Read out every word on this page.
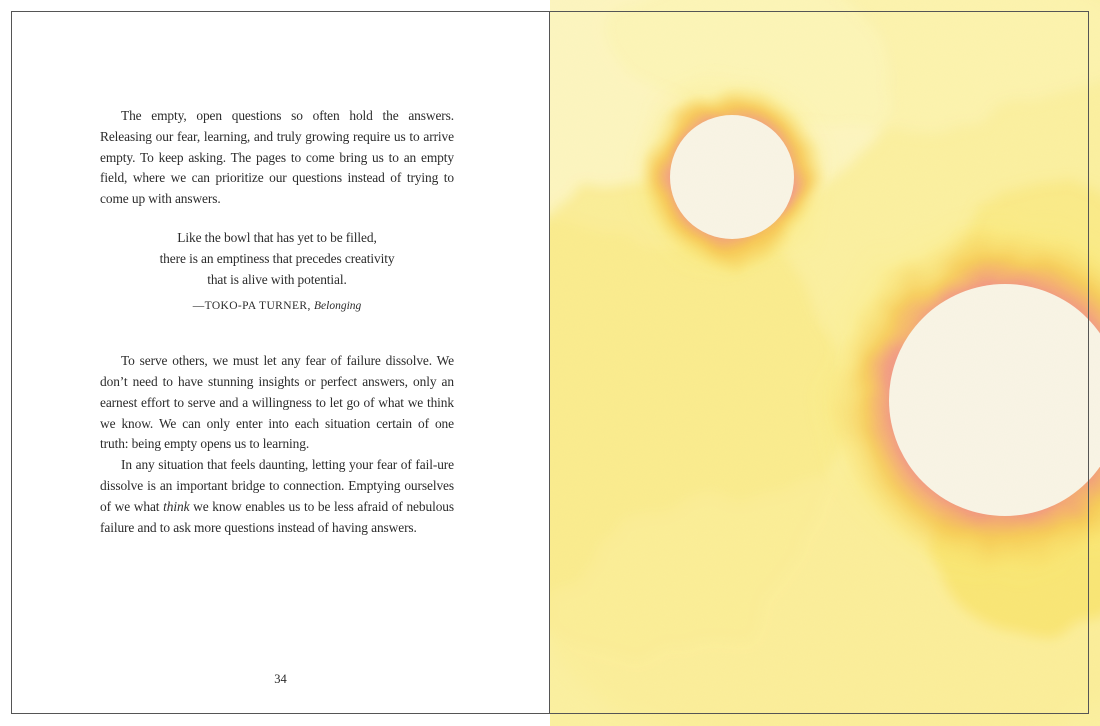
The empty, open questions so often hold the answers. Releasing our fear, learning, and truly growing require us to arrive empty. To keep asking. The pages to come bring us to an empty field, where we can prioritize our questions instead of trying to come up with answers.

Like the bowl that has yet to be filled,
there is an emptiness that precedes creativity
that is alive with potential.
—TOKO-PA TURNER, Belonging

To serve others, we must let any fear of failure dissolve. We don’t need to have stunning insights or perfect answers, only an earnest effort to serve and a willingness to let go of what we think we know. We can only enter into each situation certain of one truth: being empty opens us to learning.

In any situation that feels daunting, letting your fear of fail-ure dissolve is an important bridge to connection. Emptying ourselves of we what think we know enables us to be less afraid of nebulous failure and to ask more questions instead of having answers.

34
